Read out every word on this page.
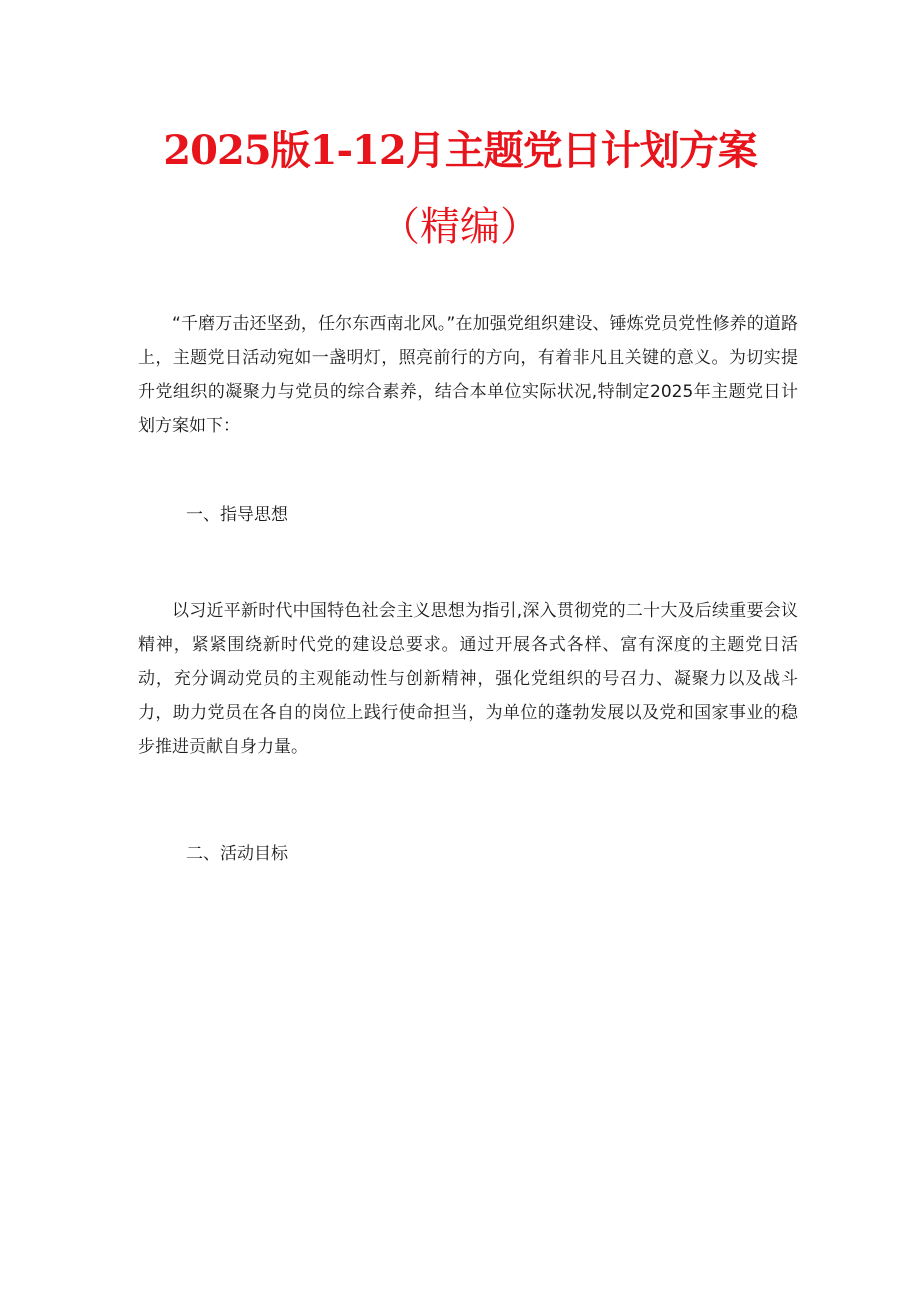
2025版1-12月主题党日计划方案
（精编）

“千磨万击还坚劲，任尔东西南北风。”在加强党组织建设、锤炼党员党性修养的道路上，主题党日活动宛如一盏明灯，照亮前行的方向，有着非凡且关键的意义。为切实提升党组织的凝聚力与党员的综合素养，结合本单位实际状况,特制定2025年主题党日计划方案如下：

一、指导思想

以习近平新时代中国特色社会主义思想为指引,深入贯彻党的二十大及后续重要会议精神，紧紧围绕新时代党的建设总要求。通过开展各式各样、富有深度的主题党日活动，充分调动党员的主观能动性与创新精神，强化党组织的号召力、凝聚力以及战斗力，助力党员在各自的岗位上践行使命担当，为单位的蓬勃发展以及党和国家事业的稳步推进贡献自身力量。

二、活动目标
